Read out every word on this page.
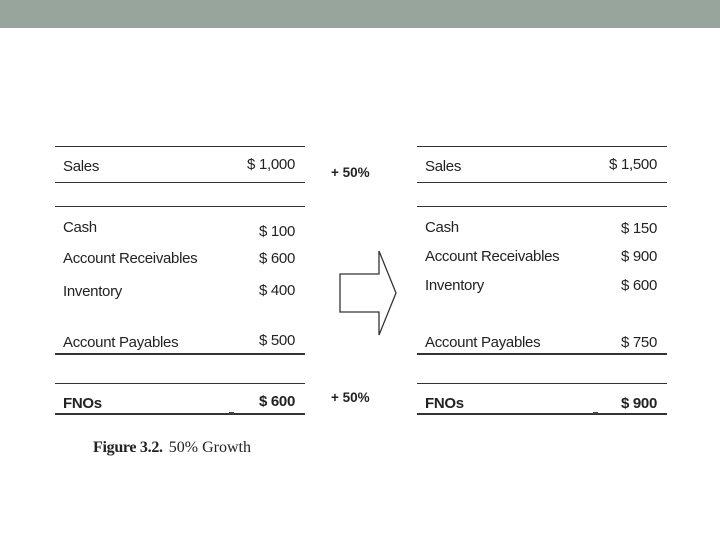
Sales	$ 1,000
Cash	$ 100
Account Receivables	$ 600
Inventory	$ 400
Account Payables	$ 500
FNOs	$ 600
+ 50%
+ 50%
Sales	$ 1,500
Cash	$ 150
Account Receivables	$ 900
Inventory	$ 600
Account Payables	$ 750
FNOs	$ 900
Figure 3.2. 50% Growth
